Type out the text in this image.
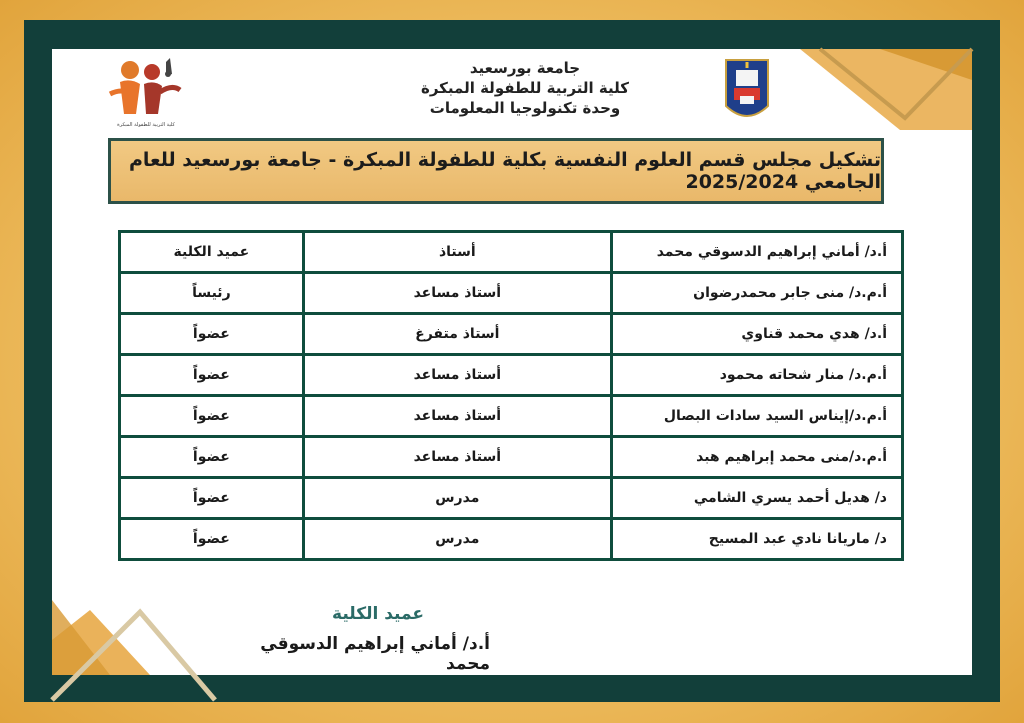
كلية التربية للطفولة المبكرة
جامعة بورسعيد
كلية التربية للطفولة المبكرة
وحدة تكنولوجيا المعلومات
تشكيل مجلس قسم العلوم النفسية بكلية للطفولة المبكرة - جامعة بورسعيد للعام الجامعي 2025/2024
أ.د/ أماني إبراهيم الدسوقي محمد	أستاذ	عميد الكلية
أ.م.د/ منى جابر محمدرضوان	أستاذ مساعد	رئيساً
أ.د/ هدي محمد قناوي	أستاذ متفرغ	عضواً
أ.م.د/ منار شحاته محمود	أستاذ مساعد	عضواً
أ.م.د/إيناس السيد سادات البصال	أستاذ مساعد	عضواً
أ.م.د/منى محمد إبراهيم هبد	أستاذ مساعد	عضواً
د/ هديل أحمد يسري الشامي	مدرس	عضواً
د/ ماريانا نادي عبد المسيح	مدرس	عضواً
عميد الكلية
أ.د/ أماني إبراهيم الدسوقي محمد
